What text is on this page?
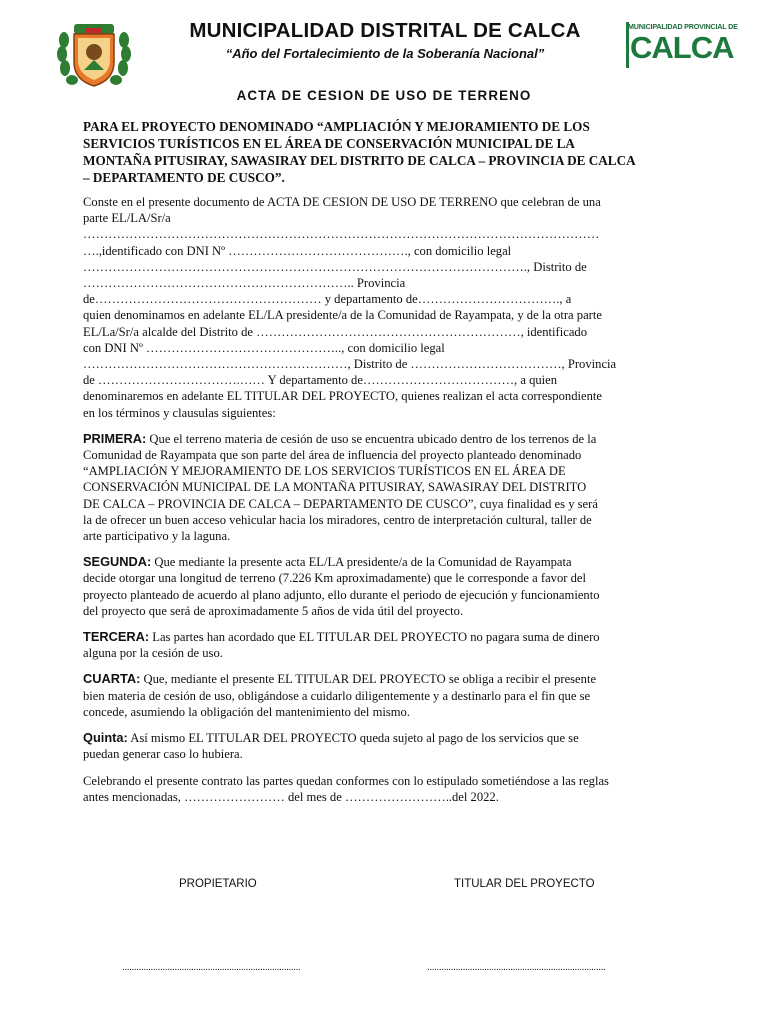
MUNICIPALIDAD DISTRITAL DE CALCA
“Año del Fortalecimiento de la Soberanía Nacional”
MUNICIPALIDAD PROVINCIAL DE
CALCA
ACTA DE CESION DE USO DE TERRENO
PARA EL PROYECTO DENOMINADO “AMPLIACIÓN Y MEJORAMIENTO DE LOS SERVICIOS TURÍSTICOS EN EL ÁREA DE CONSERVACIÓN MUNICIPAL DE LA MONTAÑA PITUSIRAY, SAWASIRAY DEL DISTRITO DE CALCA – PROVINCIA DE CALCA – DEPARTAMENTO DE CUSCO”.

Conste en el presente documento de ACTA DE CESION DE USO DE TERRENO que celebran de una
parte EL/LA/Sr/a
……………………………………………………………………………………………………………
….,identificado con DNI Nº ……………………………………., con domicilio legal
……………………………………………………………………………………………., Distrito de
……………………………………………………….. Provincia
de……………………………………………… y departamento de……………………………., a
quien denominamos en adelante EL/LA presidente/a de la Comunidad de Rayampata, y de la otra parte
EL/La/Sr/a alcalde del Distrito de ………………………………………………………, identificado
con DNI Nº ……………………………………….., con domicilio legal
………………………………………………………, Distrito de ………………………………, Provincia
de …………………………….…… Y departamento de………………………………, a quien
denominaremos en adelante EL TITULAR DEL PROYECTO, quienes realizan el acta correspondiente
en los términos y clausulas siguientes:

PRIMERA: Que el terreno materia de cesión de uso se encuentra ubicado dentro de los terrenos de la
Comunidad de Rayampata que son parte del área de influencia del proyecto planteado denominado
“AMPLIACIÓN Y MEJORAMIENTO DE LOS SERVICIOS TURÍSTICOS EN EL ÁREA DE
CONSERVACIÓN MUNICIPAL DE LA MONTAÑA PITUSIRAY, SAWASIRAY DEL DISTRITO
DE CALCA – PROVINCIA DE CALCA – DEPARTAMENTO DE CUSCO”, cuya finalidad es y será
la de ofrecer un buen acceso vehicular hacia los miradores, centro de interpretación cultural, taller de
arte participativo y la laguna.

SEGUNDA: Que mediante la presente acta EL/LA presidente/a de la Comunidad de Rayampata
decide otorgar una longitud de terreno (7.226 Km aproximadamente) que le corresponde a favor del
proyecto planteado de acuerdo al plano adjunto, ello durante el periodo de ejecución y funcionamiento
del proyecto que será de aproximadamente 5 años de vida útil del proyecto.

TERCERA: Las partes han acordado que EL TITULAR DEL PROYECTO no pagara suma de dinero
alguna por la cesión de uso.

CUARTA: Que, mediante el presente EL TITULAR DEL PROYECTO se obliga a recibir el presente
bien materia de cesión de uso, obligándose a cuidarlo diligentemente y a destinarlo para el fin que se
concede, asumiendo la obligación del mantenimiento del mismo.

Quinta: Así mismo EL TITULAR DEL PROYECTO queda sujeto al pago de los servicios que se
puedan generar caso lo hubiera.

Celebrando el presente contrato las partes quedan conformes con lo estipulado sometiéndose a las reglas
antes mencionadas, …………………… del mes de ……………………..del 2022.

PROPIETARIO	TITULAR DEL PROYECTO
...........................................................................	...........................................................................
